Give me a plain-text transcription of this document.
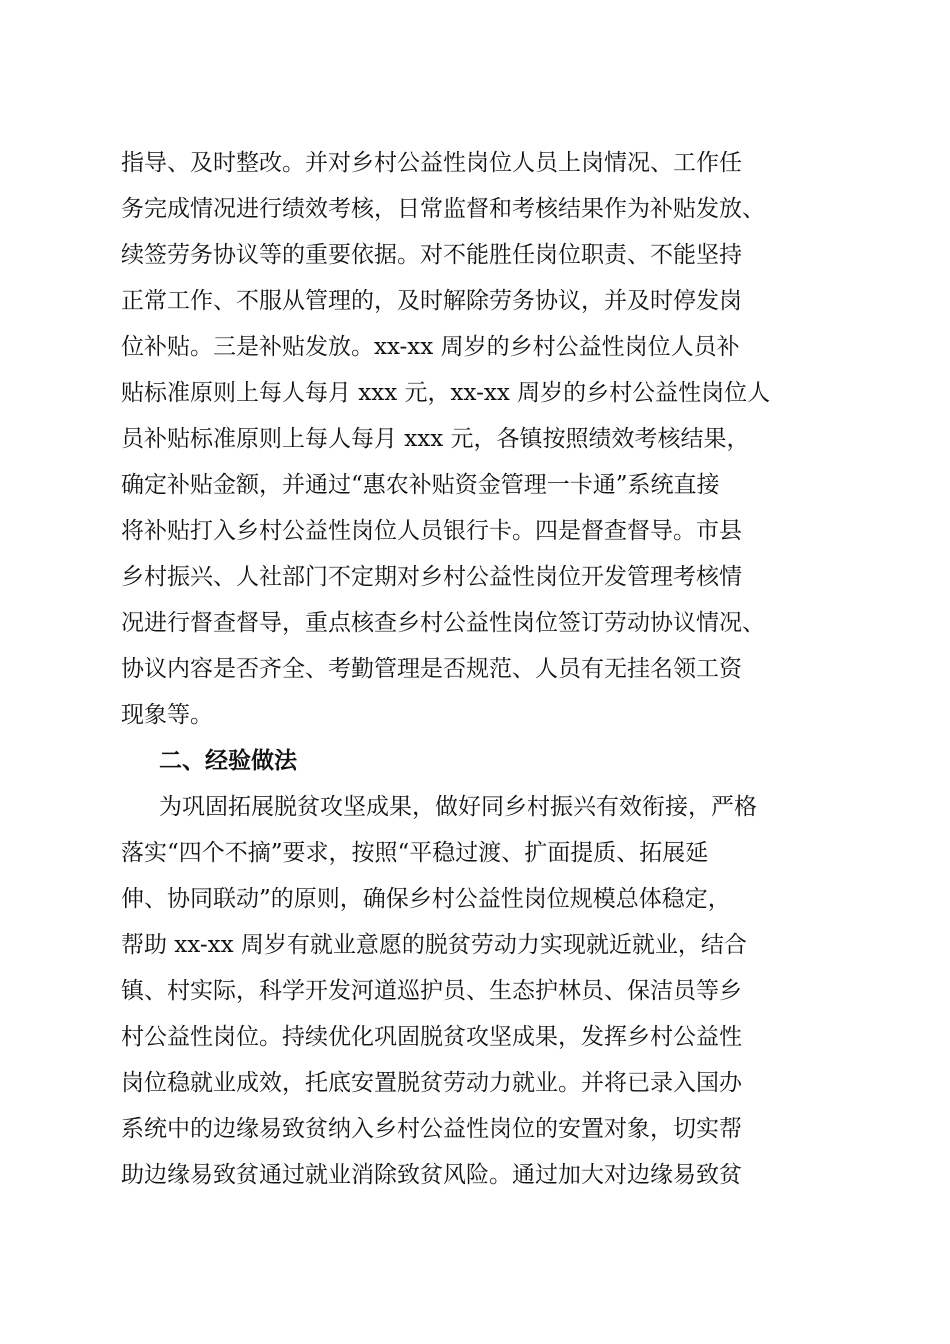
指导、及时整改。并对乡村公益性岗位人员上岗情况、工作任
务完成情况进行绩效考核，日常监督和考核结果作为补贴发放、
续签劳务协议等的重要依据。对不能胜任岗位职责、不能坚持
正常工作、不服从管理的，及时解除劳务协议，并及时停发岗
位补贴。三是补贴发放。xx-xx 周岁的乡村公益性岗位人员补
贴标准原则上每人每月 xxx 元，xx-xx 周岁的乡村公益性岗位人
员补贴标准原则上每人每月 xxx 元，各镇按照绩效考核结果，
确定补贴金额，并通过“惠农补贴资金管理一卡通”系统直接
将补贴打入乡村公益性岗位人员银行卡。四是督查督导。市县
乡村振兴、人社部门不定期对乡村公益性岗位开发管理考核情
况进行督查督导，重点核查乡村公益性岗位签订劳动协议情况、
协议内容是否齐全、考勤管理是否规范、人员有无挂名领工资
现象等。
二、经验做法
为巩固拓展脱贫攻坚成果，做好同乡村振兴有效衔接，严格
落实“四个不摘”要求，按照“平稳过渡、扩面提质、拓展延
伸、协同联动”的原则，确保乡村公益性岗位规模总体稳定，
帮助 xx-xx 周岁有就业意愿的脱贫劳动力实现就近就业，结合
镇、村实际，科学开发河道巡护员、生态护林员、保洁员等乡
村公益性岗位。持续优化巩固脱贫攻坚成果，发挥乡村公益性
岗位稳就业成效，托底安置脱贫劳动力就业。并将已录入国办
系统中的边缘易致贫纳入乡村公益性岗位的安置对象，切实帮
助边缘易致贫通过就业消除致贫风险。通过加大对边缘易致贫
